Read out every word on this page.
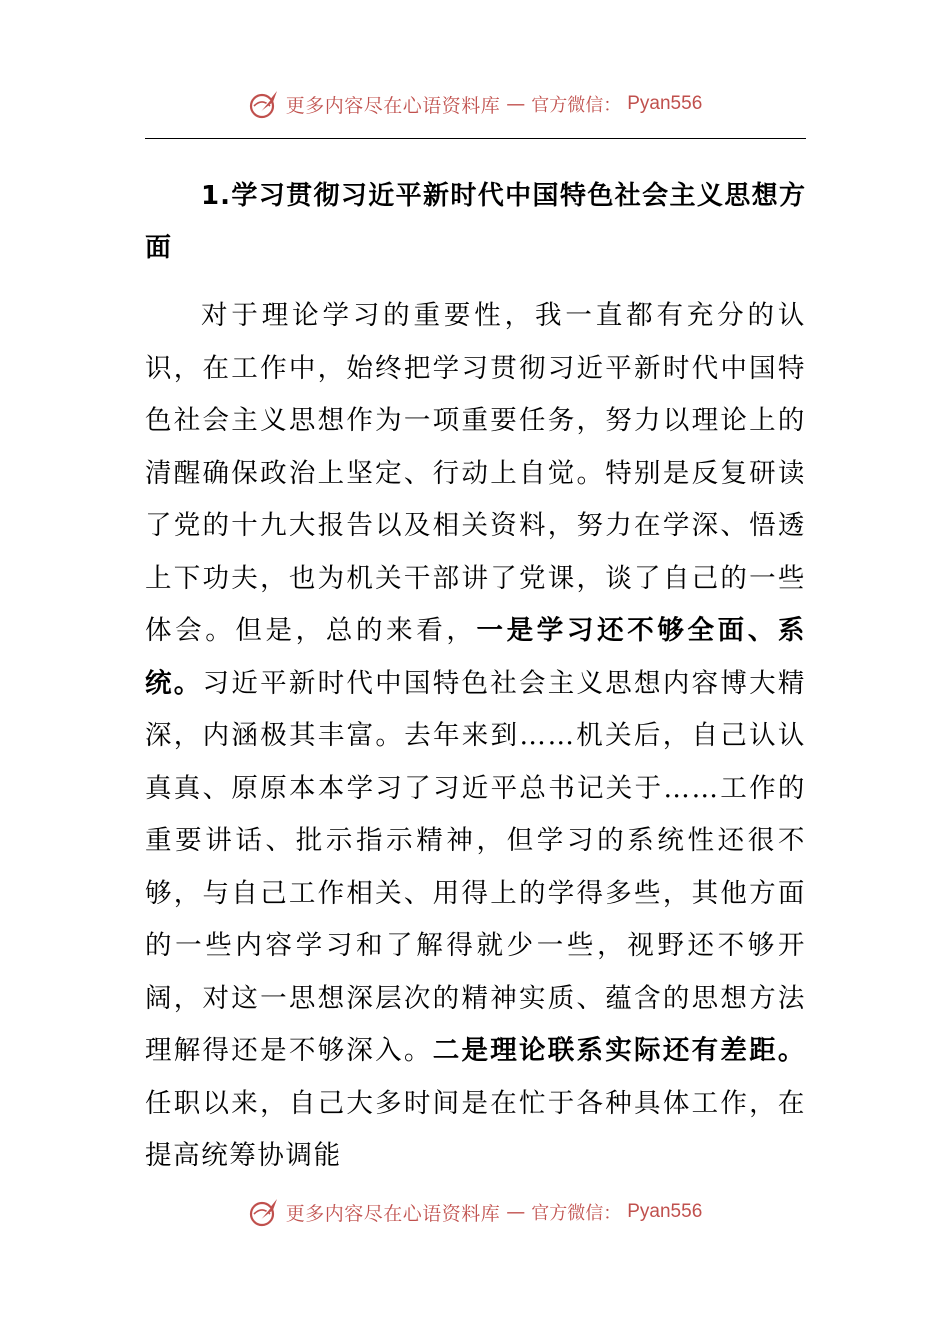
更多内容尽在心语资料库 — 官方微信： Pyan556

1.学习贯彻习近平新时代中国特色社会主义思想方面

对于理论学习的重要性，我一直都有充分的认识，在工作中，始终把学习贯彻习近平新时代中国特色社会主义思想作为一项重要任务，努力以理论上的清醒确保政治上坚定、行动上自觉。特别是反复研读了党的十九大报告以及相关资料，努力在学深、悟透上下功夫，也为机关干部讲了党课，谈了自己的一些体会。但是，总的来看，一是学习还不够全面、系统。习近平新时代中国特色社会主义思想内容博大精深，内涵极其丰富。去年来到……机关后，自己认认真真、原原本本学习了习近平总书记关于……工作的重要讲话、批示指示精神，但学习的系统性还很不够，与自己工作相关、用得上的学得多些，其他方面的一些内容学习和了解得就少一些，视野还不够开阔，对这一思想深层次的精神实质、蕴含的思想方法理解得还是不够深入。二是理论联系实际还有差距。任职以来，自己大多时间是在忙于各种具体工作，在提高统筹协调能

更多内容尽在心语资料库 — 官方微信： Pyan556
